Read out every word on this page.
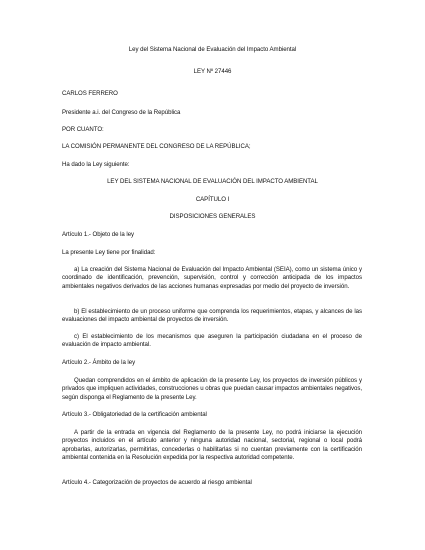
Ley del Sistema Nacional de Evaluación del Impacto Ambiental
LEY Nº 27446
CARLOS FERRERO
Presidente a.i. del Congreso de la República
POR CUANTO:
LA COMISIÓN PERMANENTE DEL CONGRESO DE LA REPÚBLICA;
Ha dado la Ley siguiente:
LEY DEL SISTEMA NACIONAL DE EVALUACIÓN DEL IMPACTO AMBIENTAL
CAPÍTULO I
DISPOSICIONES GENERALES
Artículo 1.- Objeto de la ley
La presente Ley tiene por finalidad:
a) La creación del Sistema Nacional de Evaluación del Impacto Ambiental (SEIA), como un sistema único y coordinado de identificación, prevención, supervisión, control y corrección anticipada de los impactos ambientales negativos derivados de las acciones humanas expresadas por medio del proyecto de inversión.
b) El establecimiento de un proceso uniforme que comprenda los requerimientos, etapas, y alcances de las evaluaciones del impacto ambiental de proyectos de inversión.
c) El establecimiento de los mecanismos que aseguren la participación ciudadana en el proceso de evaluación de impacto ambiental.
Artículo 2.- Ámbito de la ley
Quedan comprendidos en el ámbito de aplicación de la presente Ley, los proyectos de inversión públicos y privados que impliquen actividades, construcciones u obras que puedan causar impactos ambientales negativos, según disponga el Reglamento de la presente Ley.
Artículo 3.- Obligatoriedad de la certificación ambiental
A partir de la entrada en vigencia del Reglamento de la presente Ley, no podrá iniciarse la ejecución proyectos incluidos en el artículo anterior y ninguna autoridad nacional, sectorial, regional o local podrá aprobarlas, autorizarlas, permitirlas, concederlas o habilitarlas si no cuentan previamente con la certificación ambiental contenida en la Resolución expedida por la respectiva autoridad competente.
Artículo 4.- Categorización de proyectos de acuerdo al riesgo ambiental
